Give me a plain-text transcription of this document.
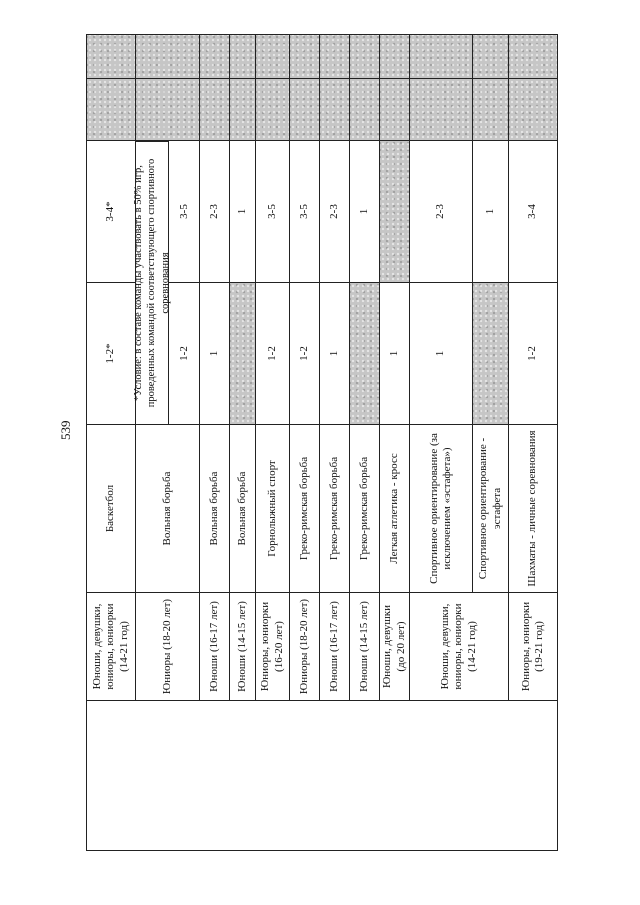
539
	Юноши, девушки, юниоры, юниорки (14-21 год)	Баскетбол	1-2*	3-4*		
	Юниоры (18-20 лет)	Вольная борьба	1-2	3-5		
	Юноши (16-17 лет)	Вольная борьба	1	2-3		
	Юноши (14-15 лет)	Вольная борьба		1		
	Юниоры, юниорки (16-20 лет)	Горнолыжный спорт	1-2	3-5		
	Юниоры (18-20 лет)	Греко-римская борьба	1-2	3-5		
	Юноши (16-17 лет)	Греко-римская борьба	1	2-3		
	Юноши (14-15 лет)	Греко-римская борьба		1		
	Юноши, девушки (до 20 лет)	Легкая атлетика - кросс	1			
	Юноши, девушки, юниоры, юниорки (14-21 год)	Спортивное ориентирование (за исключением «эстафета»)	1	2-3		
		Спортивное ориентирование - эстафета		1		
	Юниоры, юниорки (19-21 год)	Шахматы - личные соревнования	1-2	3-4		

*Условие: в составе команды участвовать в 50% игр, проведенных командой соответствующего спортивного соревнования
